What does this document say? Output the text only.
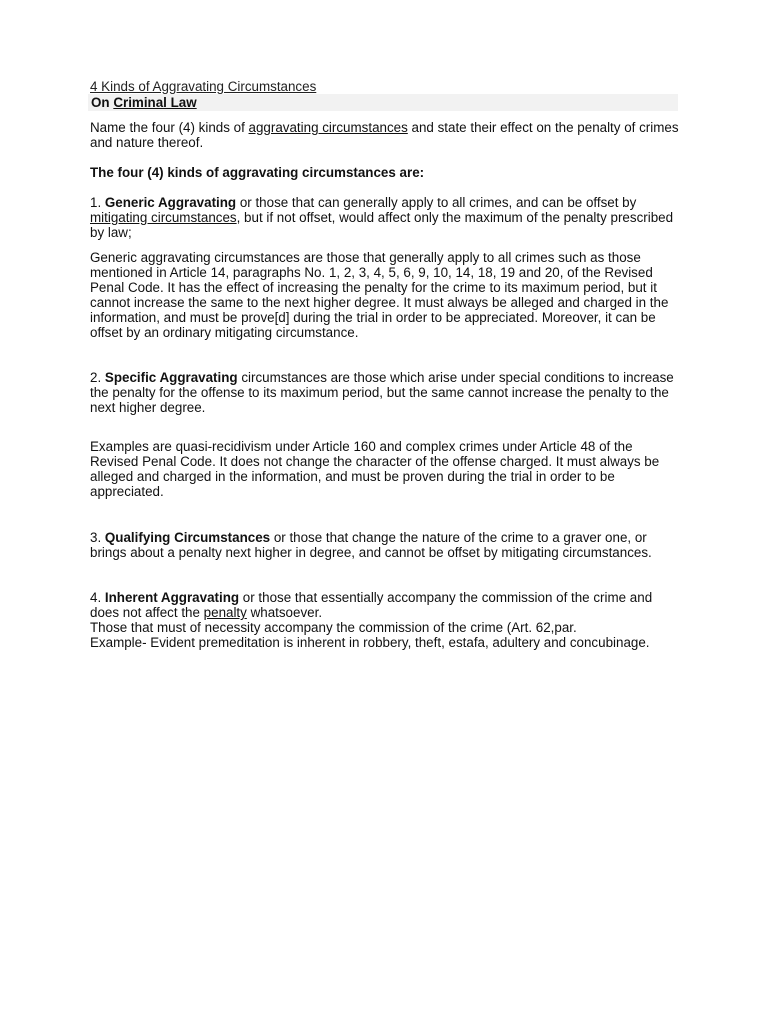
4 Kinds of Aggravating Circumstances
On Criminal Law

Name the four (4) kinds of aggravating circumstances and state their effect on the penalty of crimes and nature thereof.

The four (4) kinds of aggravating circumstances are:

1. Generic Aggravating or those that can generally apply to all crimes, and can be offset by mitigating circumstances, but if not offset, would affect only the maximum of the penalty prescribed by law;

Generic aggravating circumstances are those that generally apply to all crimes such as those mentioned in Article 14, paragraphs No. 1, 2, 3, 4, 5, 6, 9, 10, 14, 18, 19 and 20, of the Revised Penal Code. It has the effect of increasing the penalty for the crime to its maximum period, but it cannot increase the same to the next higher degree. It must always be alleged and charged in the information, and must be prove[d] during the trial in order to be appreciated. Moreover, it can be offset by an ordinary mitigating circumstance.

2. Specific Aggravating circumstances are those which arise under special conditions to increase the penalty for the offense to its maximum period, but the same cannot increase the penalty to the next higher degree.

Examples are quasi-recidivism under Article 160 and complex crimes under Article 48 of the Revised Penal Code. It does not change the character of the offense charged. It must always be alleged and charged in the information, and must be proven during the trial in order to be appreciated.

3. Qualifying Circumstances or those that change the nature of the crime to a graver one, or brings about a penalty next higher in degree, and cannot be offset by mitigating circumstances.

4. Inherent Aggravating or those that essentially accompany the commission of the crime and does not affect the penalty whatsoever.

Those that must of necessity accompany the commission of the crime (Art. 62,par.

Example- Evident premeditation is inherent in robbery, theft, estafa, adultery and concubinage.
